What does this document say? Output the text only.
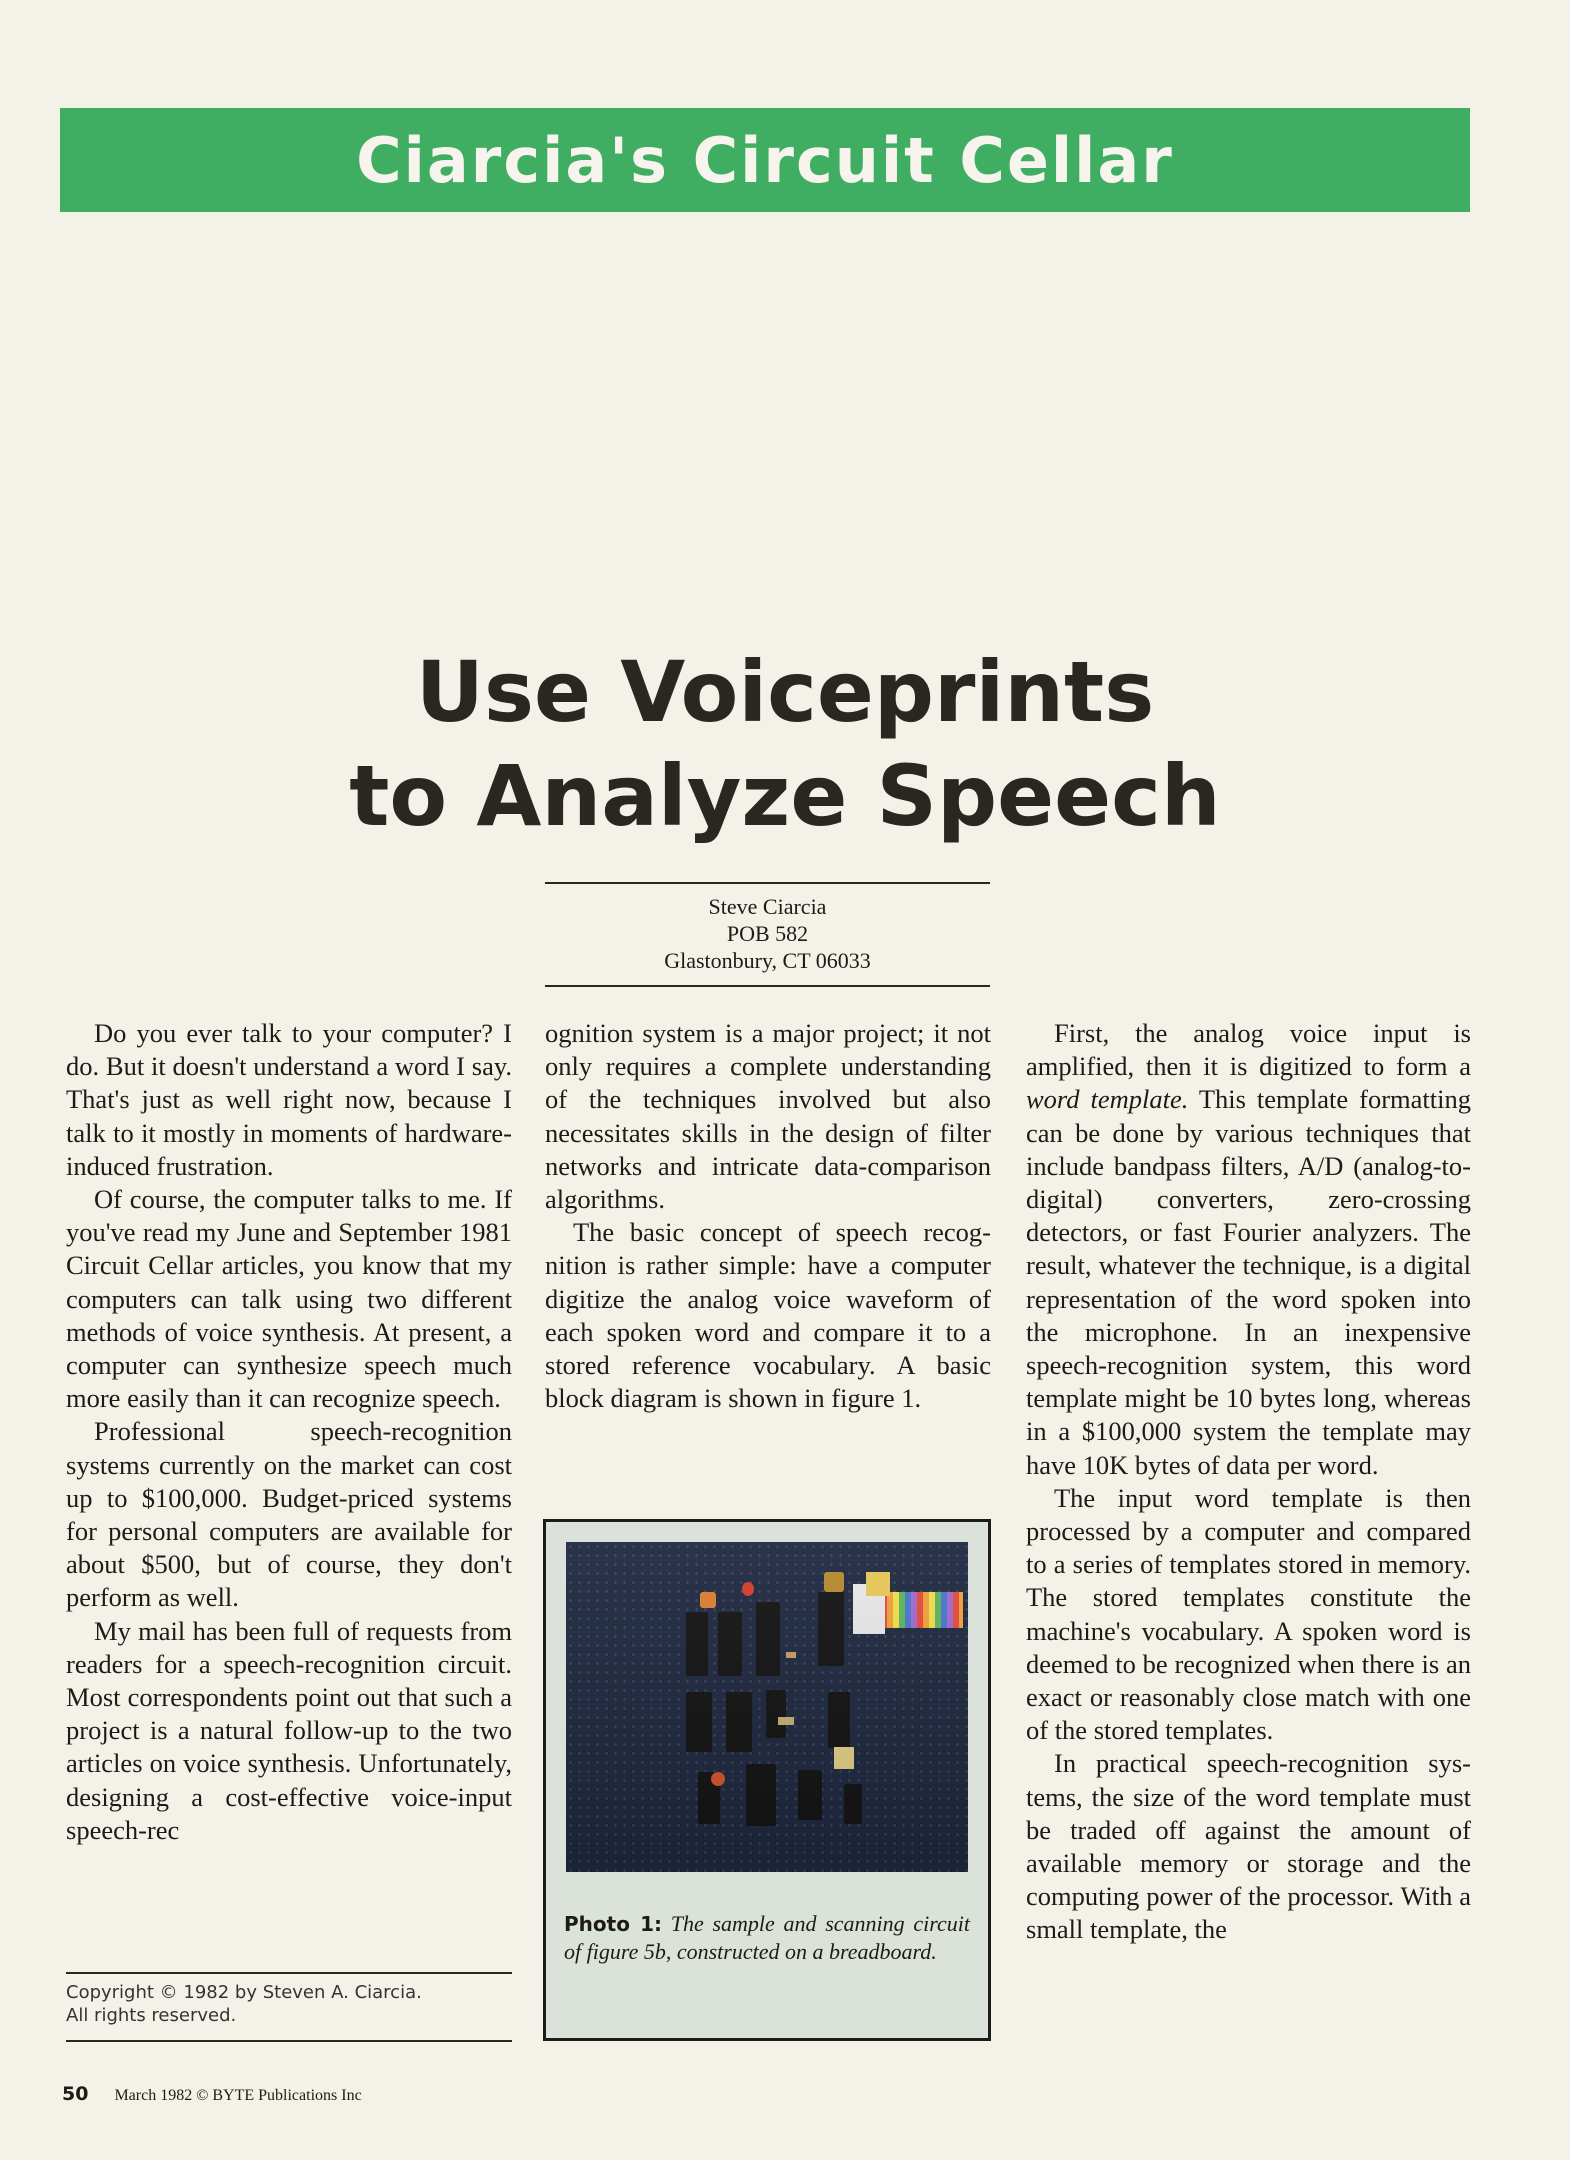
Ciarcia's Circuit Cellar
Use Voiceprints
to Analyze Speech
Steve Ciarcia
POB 582
Glastonbury, CT 06033

Do you ever talk to your computer? I do. But it doesn't understand a word I say. That's just as well right now, because I talk to it mostly in moments of hardware-induced frustration.

Of course, the computer talks to me. If you've read my June and September 1981 Circuit Cellar articles, you know that my computers can talk using two different methods of voice synthesis. At present, a computer can synthesize speech much more easily than it can recognize speech.

Professional speech-recognition systems currently on the market can cost up to $100,000. Budget-priced systems for personal computers are available for about $500, but of course, they don't perform as well.

My mail has been full of requests from readers for a speech-recognition circuit. Most correspondents point out that such a project is a natural follow-up to the two articles on voice synthesis. Unfortunately, designing a cost-effective voice-input speech-rec

Copyright © 1982 by Steven A. Ciarcia.
All rights reserved.

ognition system is a major project; it not only requires a complete understanding of the techniques involved but also necessitates skills in the design of filter networks and intricate data-comparison algorithms.

The basic concept of speech recognition is rather simple: have a computer digitize the analog voice waveform of each spoken word and compare it to a stored reference vocabulary. A basic block diagram is shown in figure 1.

Photo 1: The sample and scanning circuit of figure 5b, constructed on a breadboard.

First, the analog voice input is amplified, then it is digitized to form a word template. This template formatting can be done by various techniques that include bandpass filters, A/D (analog-to-digital) converters, zero-crossing detectors, or fast Fourier analyzers. The result, whatever the technique, is a digital representation of the word spoken into the microphone. In an inexpensive speech-recognition system, this word template might be 10 bytes long, whereas in a $100,000 system the template may have 10K bytes of data per word.

The input word template is then processed by a computer and compared to a series of templates stored in memory. The stored templates constitute the machine's vocabulary. A spoken word is deemed to be recognized when there is an exact or reasonably close match with one of the stored templates.

In practical speech-recognition systems, the size of the word template must be traded off against the amount of available memory or storage and the computing power of the processor. With a small template, the

50 March 1982 © BYTE Publications Inc
